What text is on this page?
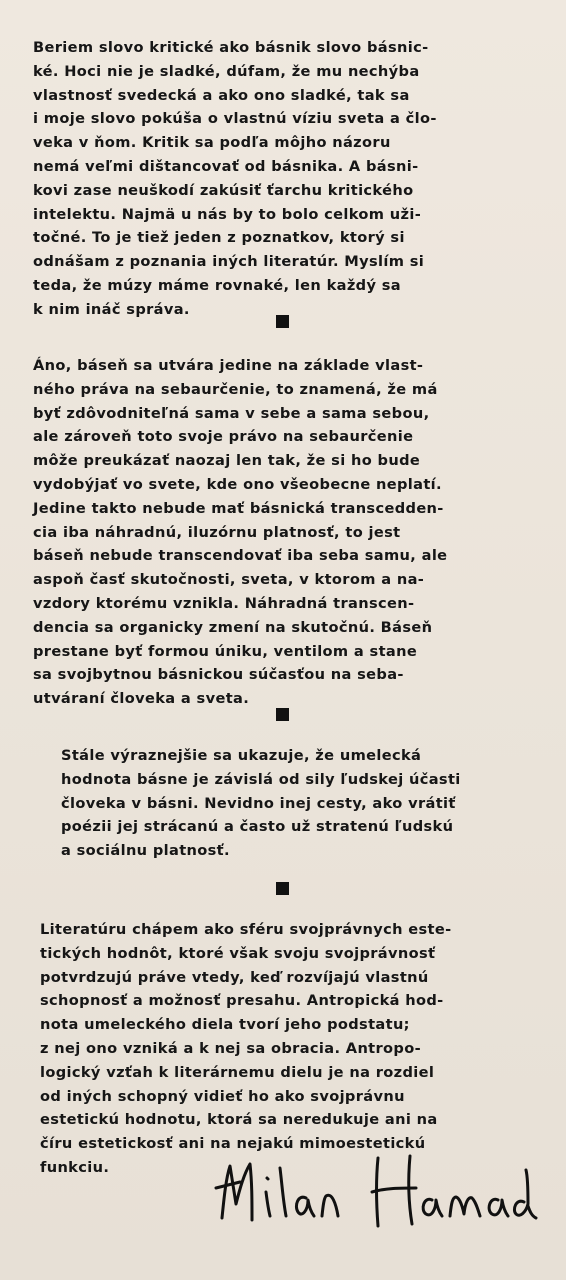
Beriem slovo kritické ako básnik slovo básnic-
ké. Hoci nie je sladké, dúfam, že mu nechýba
vlastnosť svedecká a ako ono sladké, tak sa
i moje slovo pokúša o vlastnú víziu sveta a člo-
veka v ňom. Kritik sa podľa môjho názoru
nemá veľmi dištancovať od básnika. A básni-
kovi zase neuškodí zakúsiť ťarchu kritického
intelektu. Najmä u nás by to bolo celkom uži-
točné. To je tiež jeden z poznatkov, ktorý si
odnášam z poznania iných literatúr. Myslím si
teda, že múzy máme rovnaké, len každý sa
k nim ináč správa.

Áno, báseň sa utvára jedine na základe vlast-
ného práva na sebaurčenie, to znamená, že má
byť zdôvodniteľná sama v sebe a sama sebou,
ale zároveň toto svoje právo na sebaurčenie
môže preukázať naozaj len tak, že si ho bude
vydobýjať vo svete, kde ono všeobecne neplatí.
Jedine takto nebude mať básnická transcedden-
cia iba náhradnú, iluzórnu platnosť, to jest
báseň nebude transcendovať iba seba samu, ale
aspoň časť skutočnosti, sveta, v ktorom a na-
vzdory ktorému vznikla. Náhradná transcen-
dencia sa organicky zmení na skutočnú. Báseň
prestane byť formou úniku, ventilom a stane
sa svojbytnou básnickou súčasťou na seba-
utváraní človeka a sveta.

Stále výraznejšie sa ukazuje, že umelecká
hodnota básne je závislá od sily ľudskej účasti
človeka v básni. Nevidno inej cesty, ako vrátiť
poézii jej strácanú a často už stratenú ľudskú
a sociálnu platnosť.

Literatúru chápem ako sféru svojprávnych este-
tických hodnôt, ktoré však svoju svojprávnosť
potvrdzujú práve vtedy, keď rozvíjajú vlastnú
schopnosť a možnosť presahu. Antropická hod-
nota umeleckého diela tvorí jeho podstatu;
z nej ono vzniká a k nej sa obracia. Antropo-
logický vzťah k literárnemu dielu je na rozdiel
od iných schopný vidieť ho ako svojprávnu
estetickú hodnotu, ktorá sa neredukuje ani na
číru estetickosť ani na nejakú mimoestetickú
funkciu.
